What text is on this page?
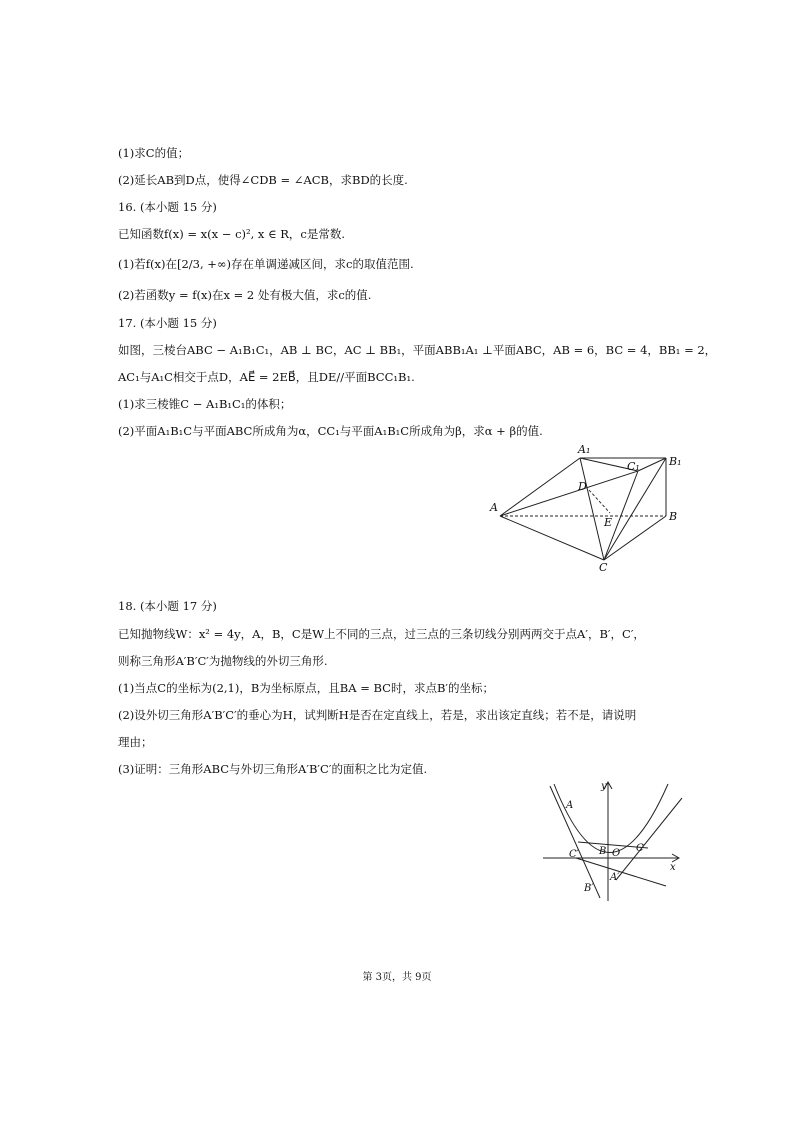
(1)求C的值；
(2)延长AB到D点，使得∠CDB = ∠ACB，求BD的长度.
16. (本小题 15 分)
已知函数f(x) = x(x − c)², x ∈ R，c是常数.
(1)若f(x)在[2/3, +∞)存在单调递减区间，求c的取值范围.
(2)若函数y = f(x)在x = 2 处有极大值，求c的值.
17. (本小题 15 分)
如图，三棱台ABC − A₁B₁C₁，AB ⊥ BC，AC ⊥ BB₁，平面ABB₁A₁ ⊥平面ABC，AB = 6，BC = 4，BB₁ = 2，
AC₁与A₁C相交于点D，AE⃗ = 2EB⃗，且DE//平面BCC₁B₁.
(1)求三棱锥C − A₁B₁C₁的体积；
(2)平面A₁B₁C与平面ABC所成角为α，CC₁与平面A₁B₁C所成角为β，求α + β的值.
A
B
C
D
E
A₁
B₁
C₁
18. (本小题 17 分)
已知抛物线W：x² = 4y，A，B，C是W上不同的三点，过三点的三条切线分别两两交于点A′，B′，C′，
则称三角形A′B′C′为抛物线的外切三角形.
(1)当点C的坐标为(2,1)，B为坐标原点，且BA = BC时，求点B′的坐标；
(2)设外切三角形A′B′C′的垂心为H，试判断H是否在定直线上，若是，求出该定直线；若不是，请说明
理由；
(3)证明：三角形ABC与外切三角形A′B′C′的面积之比为定值.
y
x
O
A
B	C
A′
B′
C′
第 3页，共 9页
